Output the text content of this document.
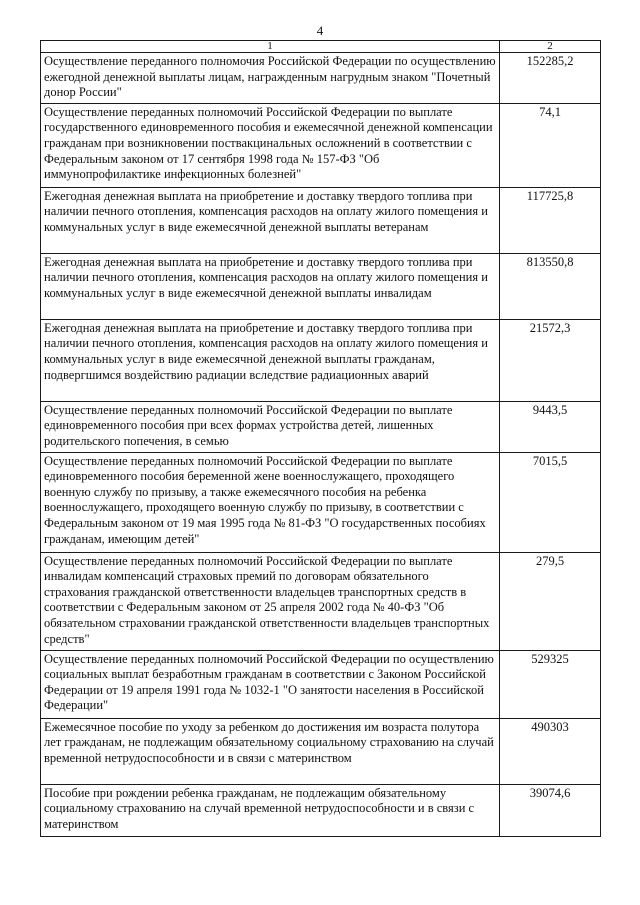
4
1	2
Осуществление переданного полномочия Российской Федерации по осуществлению ежегодной денежной выплаты лицам, награжденным нагрудным знаком "Почетный донор России"	152285,2
Осуществление переданных полномочий Российской Федерации по выплате государственного единовременного пособия и ежемесячной денежной компенсации гражданам при возникновении поствакцинальных осложнений в соответствии с Федеральным законом от 17 сентября 1998 года № 157-ФЗ "Об иммунопрофилактике инфекционных болезней"	74,1
Ежегодная денежная выплата на приобретение и доставку твердого топлива при наличии печного отопления, компенсация расходов на оплату жилого помещения и коммунальных услуг в виде ежемесячной денежной выплаты ветеранам	117725,8
Ежегодная денежная выплата на приобретение и доставку твердого топлива при наличии печного отопления, компенсация расходов на оплату жилого помещения и коммунальных услуг в виде ежемесячной денежной выплаты инвалидам	813550,8
Ежегодная денежная выплата на приобретение и доставку твердого топлива при наличии печного отопления, компенсация расходов на оплату жилого помещения и коммунальных услуг в виде ежемесячной денежной выплаты гражданам, подвергшимся воздействию радиации вследствие радиационных аварий	21572,3
Осуществление переданных полномочий Российской Федерации по выплате единовременного пособия при всех формах устройства детей, лишенных родительского попечения, в семью	9443,5
Осуществление переданных полномочий Российской Федерации по выплате единовременного пособия беременной жене военнослужащего, проходящего военную службу по призыву, а также ежемесячного пособия на ребенка военнослужащего, проходящего военную службу по призыву, в соответствии с Федеральным законом от 19 мая 1995 года № 81-ФЗ "О государственных пособиях гражданам, имеющим детей"	7015,5
Осуществление переданных полномочий Российской Федерации по выплате инвалидам компенсаций страховых премий по договорам обязательного страхования гражданской ответственности владельцев транспортных средств в соответствии с Федеральным законом от 25 апреля 2002 года № 40-ФЗ "Об обязательном страховании гражданской ответственности владельцев транспортных средств"	279,5
Осуществление переданных полномочий Российской Федерации по осуществлению социальных выплат безработным гражданам в соответствии с Законом Российской Федерации от 19 апреля 1991 года № 1032-1 "О занятости населения в Российской Федерации"	529325
Ежемесячное пособие по уходу за ребенком до достижения им возраста полутора лет гражданам, не подлежащим обязательному социальному страхованию на случай временной нетрудоспособности и в связи с материнством	490303
Пособие при рождении ребенка гражданам, не подлежащим обязательному социальному страхованию на случай временной нетрудоспособности и в связи с материнством	39074,6
